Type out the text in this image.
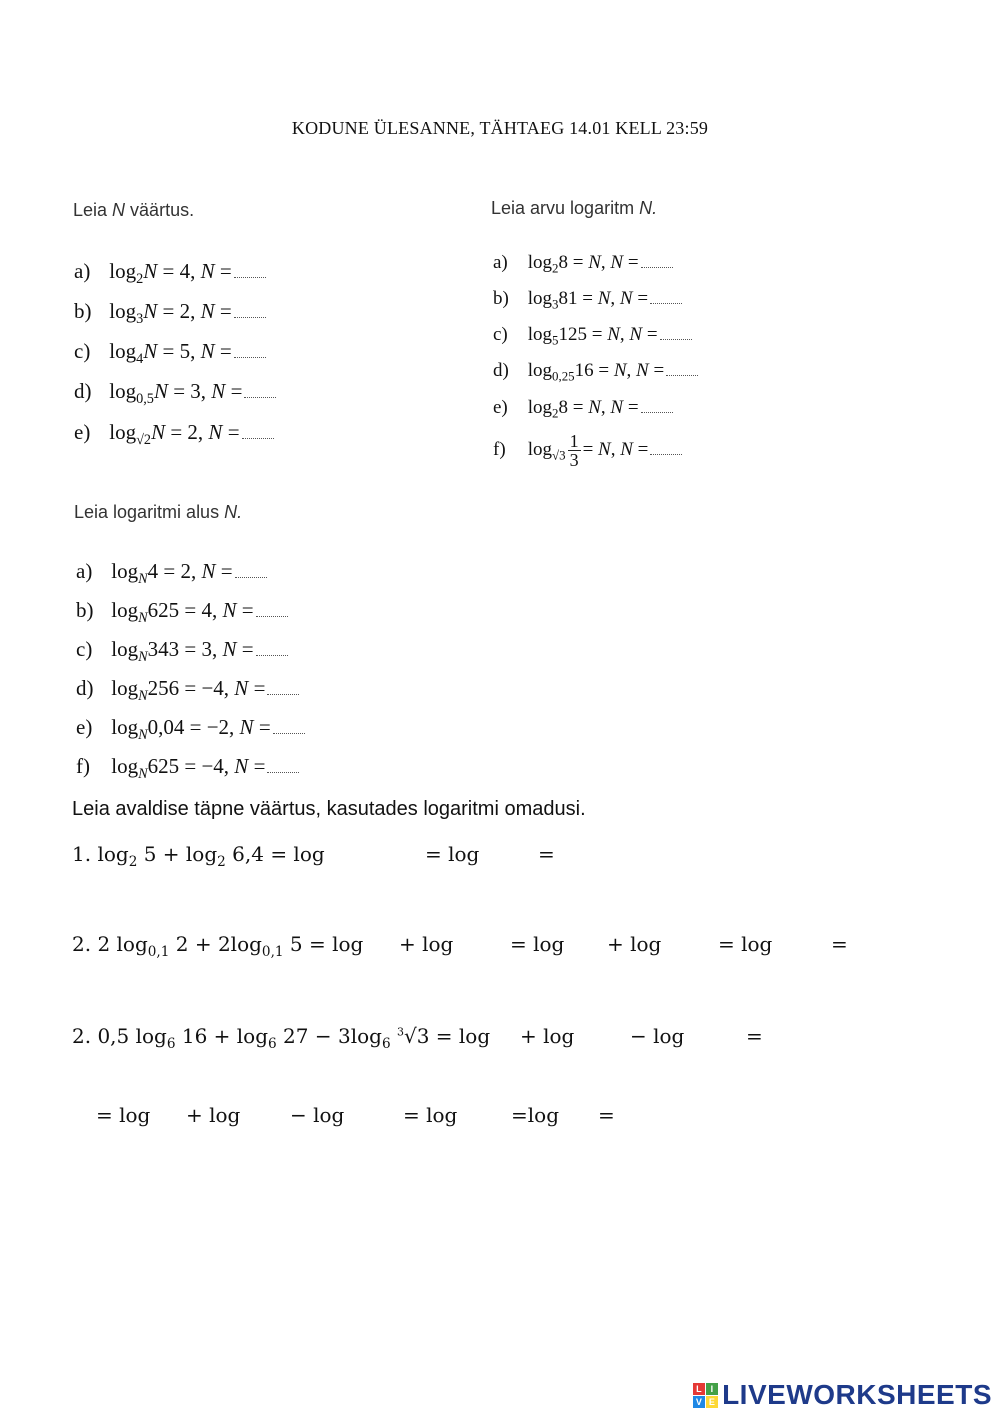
KODUNE ÜLESANNE, TÄHTAEG 14.01 KELL 23:59
Leia N väärtus.
a) $\log_2N = 4$, N =
b) $\log_3N = 2$, N =
c) $\log_4N = 5$, N =
d) $\log_{0,5}N = 3$, N =
e) $\log_{√2}N = 2$, N =
Leia arvu logaritm N.
a) $\log_28 = N$, N =
b) $\log_381 = N$, N =
c) $\log_5125 = N$, N =
d) $\log_{0,25}16 = N$, N =
e) $\log_28 = N$, N =
f) $\log_{√3} \frac{1}{3} = N$, N =
Leia logaritmi alus N.
a) $\log_N4 = 2$, N =
b) $\log_N625 = 4$, N =
c) $\log_N343 = 3$, N =
d) $\log_N256 = -4$, N =
e) $\log_N0,04 = -2$, N =
f) $\log_N625 = -4$, N =
Leia avaldise täpne väärtus, kasutades logaritmi omadusi.
1. $\log_2 5 + \log_2 6,4 = \log$	= log	=
2. 2 $\log_{0,1} 2 + 2\log_{0,1}$ 5 = log + log	= log + log	= log	=
2. 0,5 $\log_6 16 + \log_6 27 - 3\log_6$ $^3$√3 = log + log	− log	=
= log + log − log	= log	=log =
L I
V E LIVEWORKSHEETS
